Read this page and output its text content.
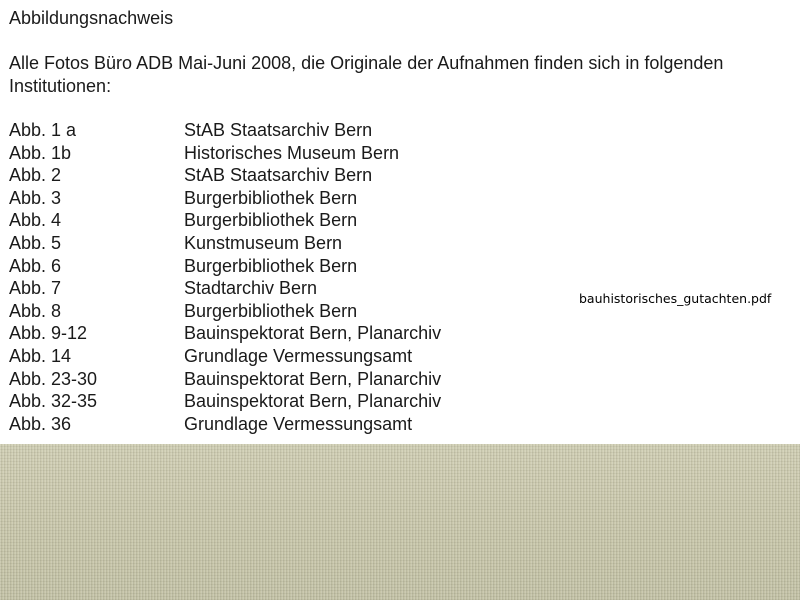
Abbildungsnachweis
Alle Fotos Büro ADB Mai-Juni 2008, die Originale der Aufnahmen finden sich in folgenden Institutionen:
Abb. 1 a	StAB Staatsarchiv Bern
Abb. 1b	Historisches Museum Bern
Abb. 2	StAB Staatsarchiv Bern
Abb. 3	Burgerbibliothek Bern
Abb. 4	Burgerbibliothek Bern
Abb. 5	Kunstmuseum Bern
Abb. 6	Burgerbibliothek Bern
Abb. 7	Stadtarchiv Bern
Abb. 8	Burgerbibliothek Bern
Abb. 9-12	Bauinspektorat Bern, Planarchiv
Abb. 14	Grundlage Vermessungsamt
Abb. 23-30	Bauinspektorat Bern, Planarchiv
Abb. 32-35	Bauinspektorat Bern, Planarchiv
Abb. 36	Grundlage Vermessungsamt
bauhistorisches_gutachten.pdf
